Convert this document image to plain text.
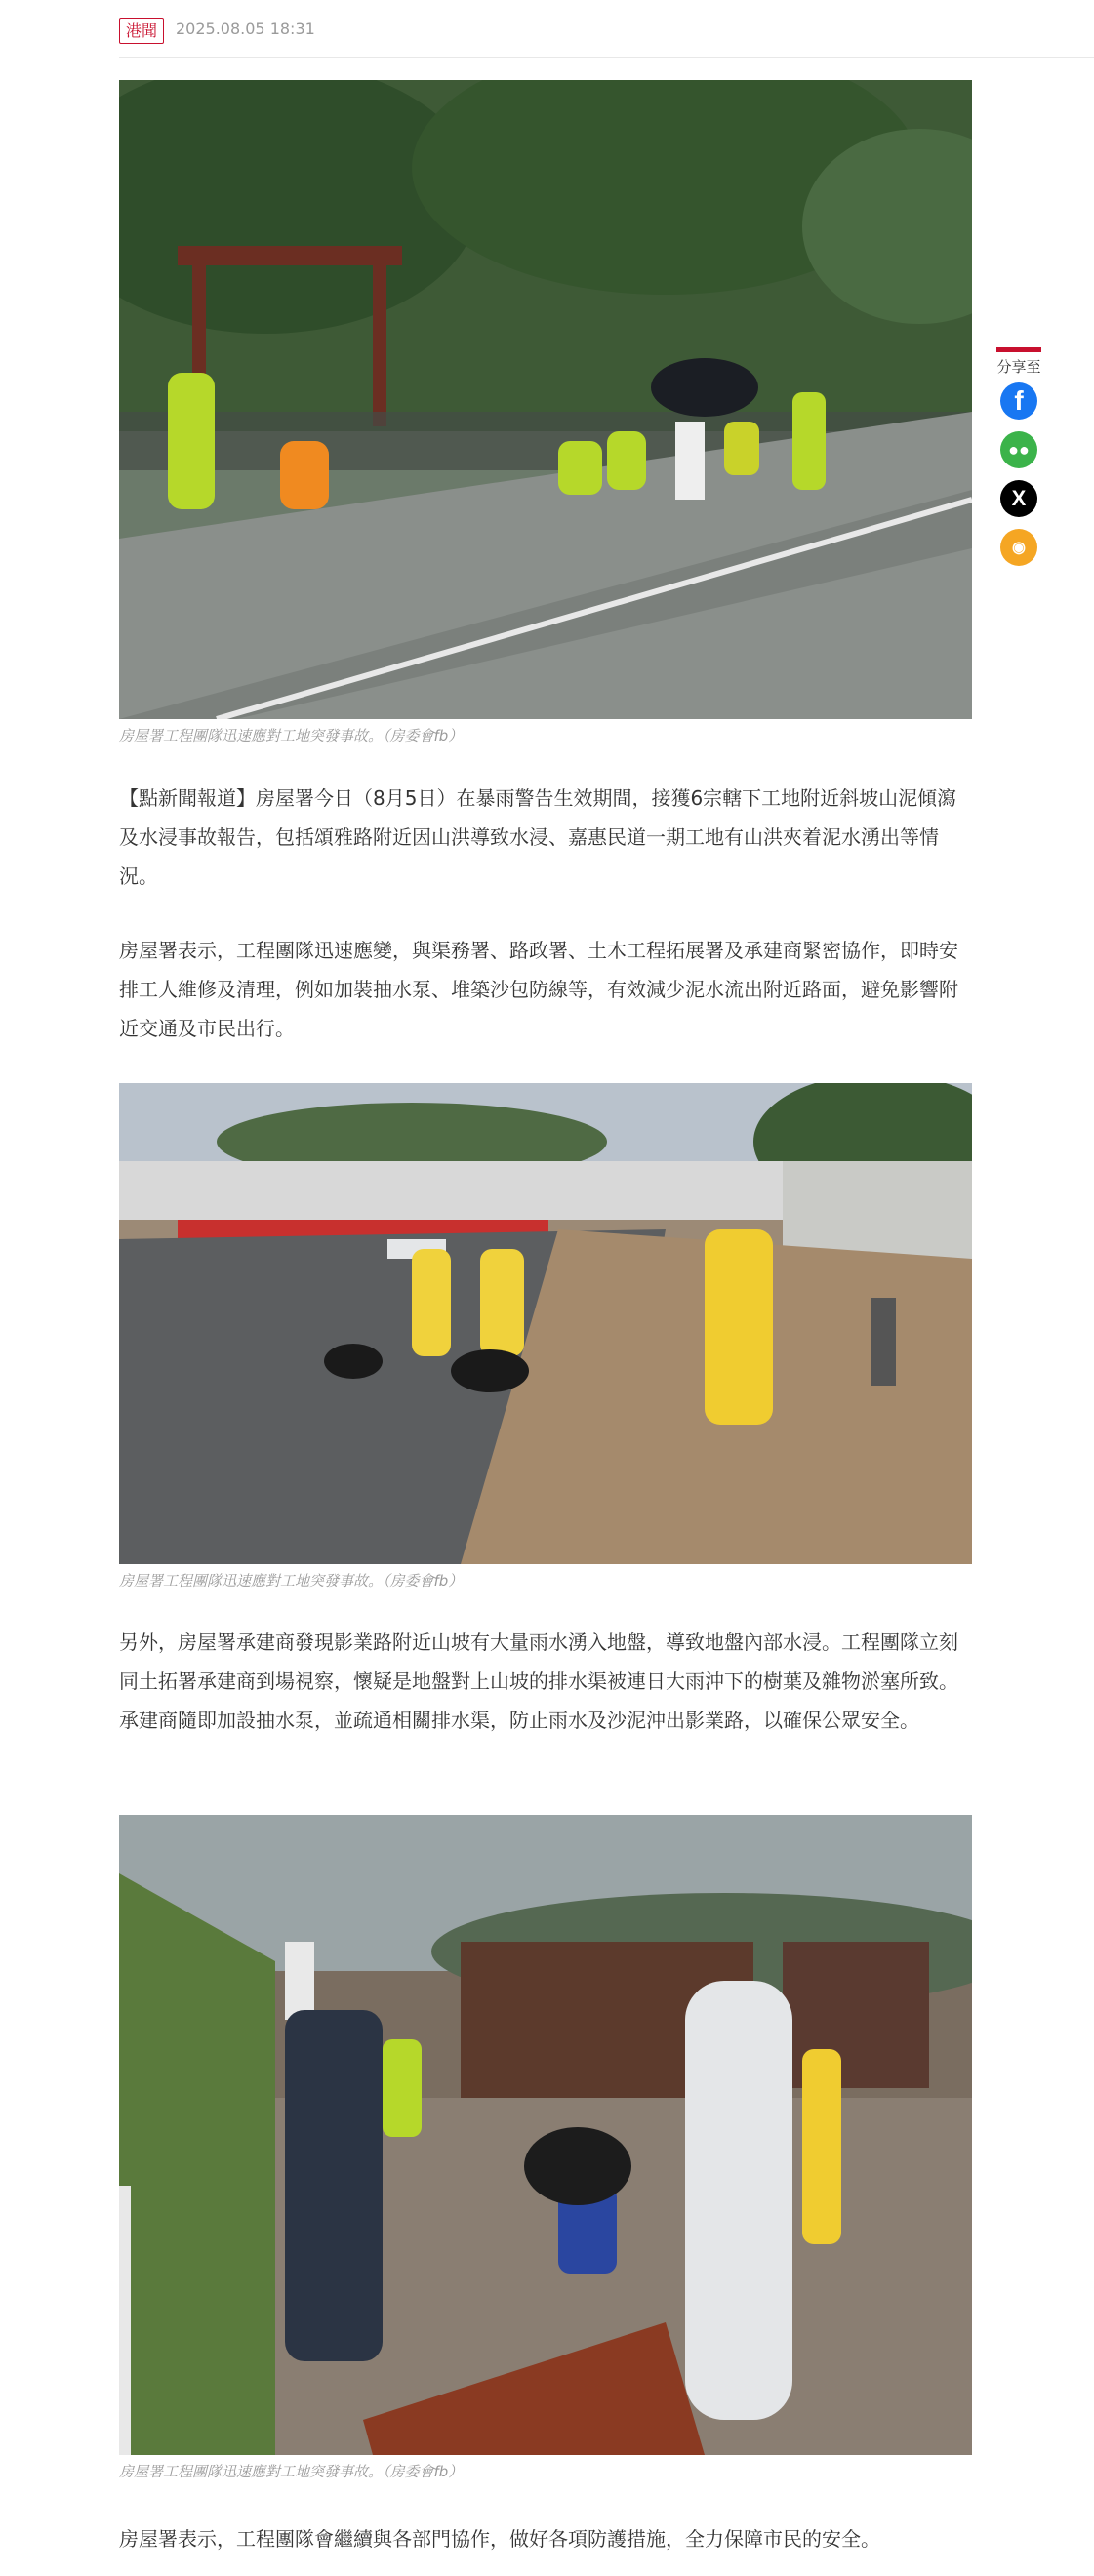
港聞	2025.08.05 18:31
房屋署工程團隊迅速應對工地突發事故。（房委會fb）

【點新聞報道】房屋署今日（8月5日）在暴雨警告生效期間，接獲6宗轄下工地附近斜坡山泥傾瀉及水浸事故報告，包括頌雅路附近因山洪導致水浸、嘉惠民道一期工地有山洪夾着泥水湧出等情況。

房屋署表示，工程團隊迅速應變，與渠務署、路政署、土木工程拓展署及承建商緊密協作，即時安排工人維修及清理，例如加裝抽水泵、堆築沙包防線等，有效減少泥水流出附近路面，避免影響附近交通及市民出行。

房屋署工程團隊迅速應對工地突發事故。（房委會fb）

另外，房屋署承建商發現影業路附近山坡有大量雨水湧入地盤，導致地盤內部水浸。工程團隊立刻同土拓署承建商到場視察，懷疑是地盤對上山坡的排水渠被連日大雨沖下的樹葉及雜物淤塞所致。承建商隨即加設抽水泵，並疏通相關排水渠，防止雨水及沙泥沖出影業路，以確保公眾安全。

房屋署工程團隊迅速應對工地突發事故。（房委會fb）

房屋署表示，工程團隊會繼續與各部門協作，做好各項防護措施，全力保障市民的安全。

分享至
f
●●
X
◉
